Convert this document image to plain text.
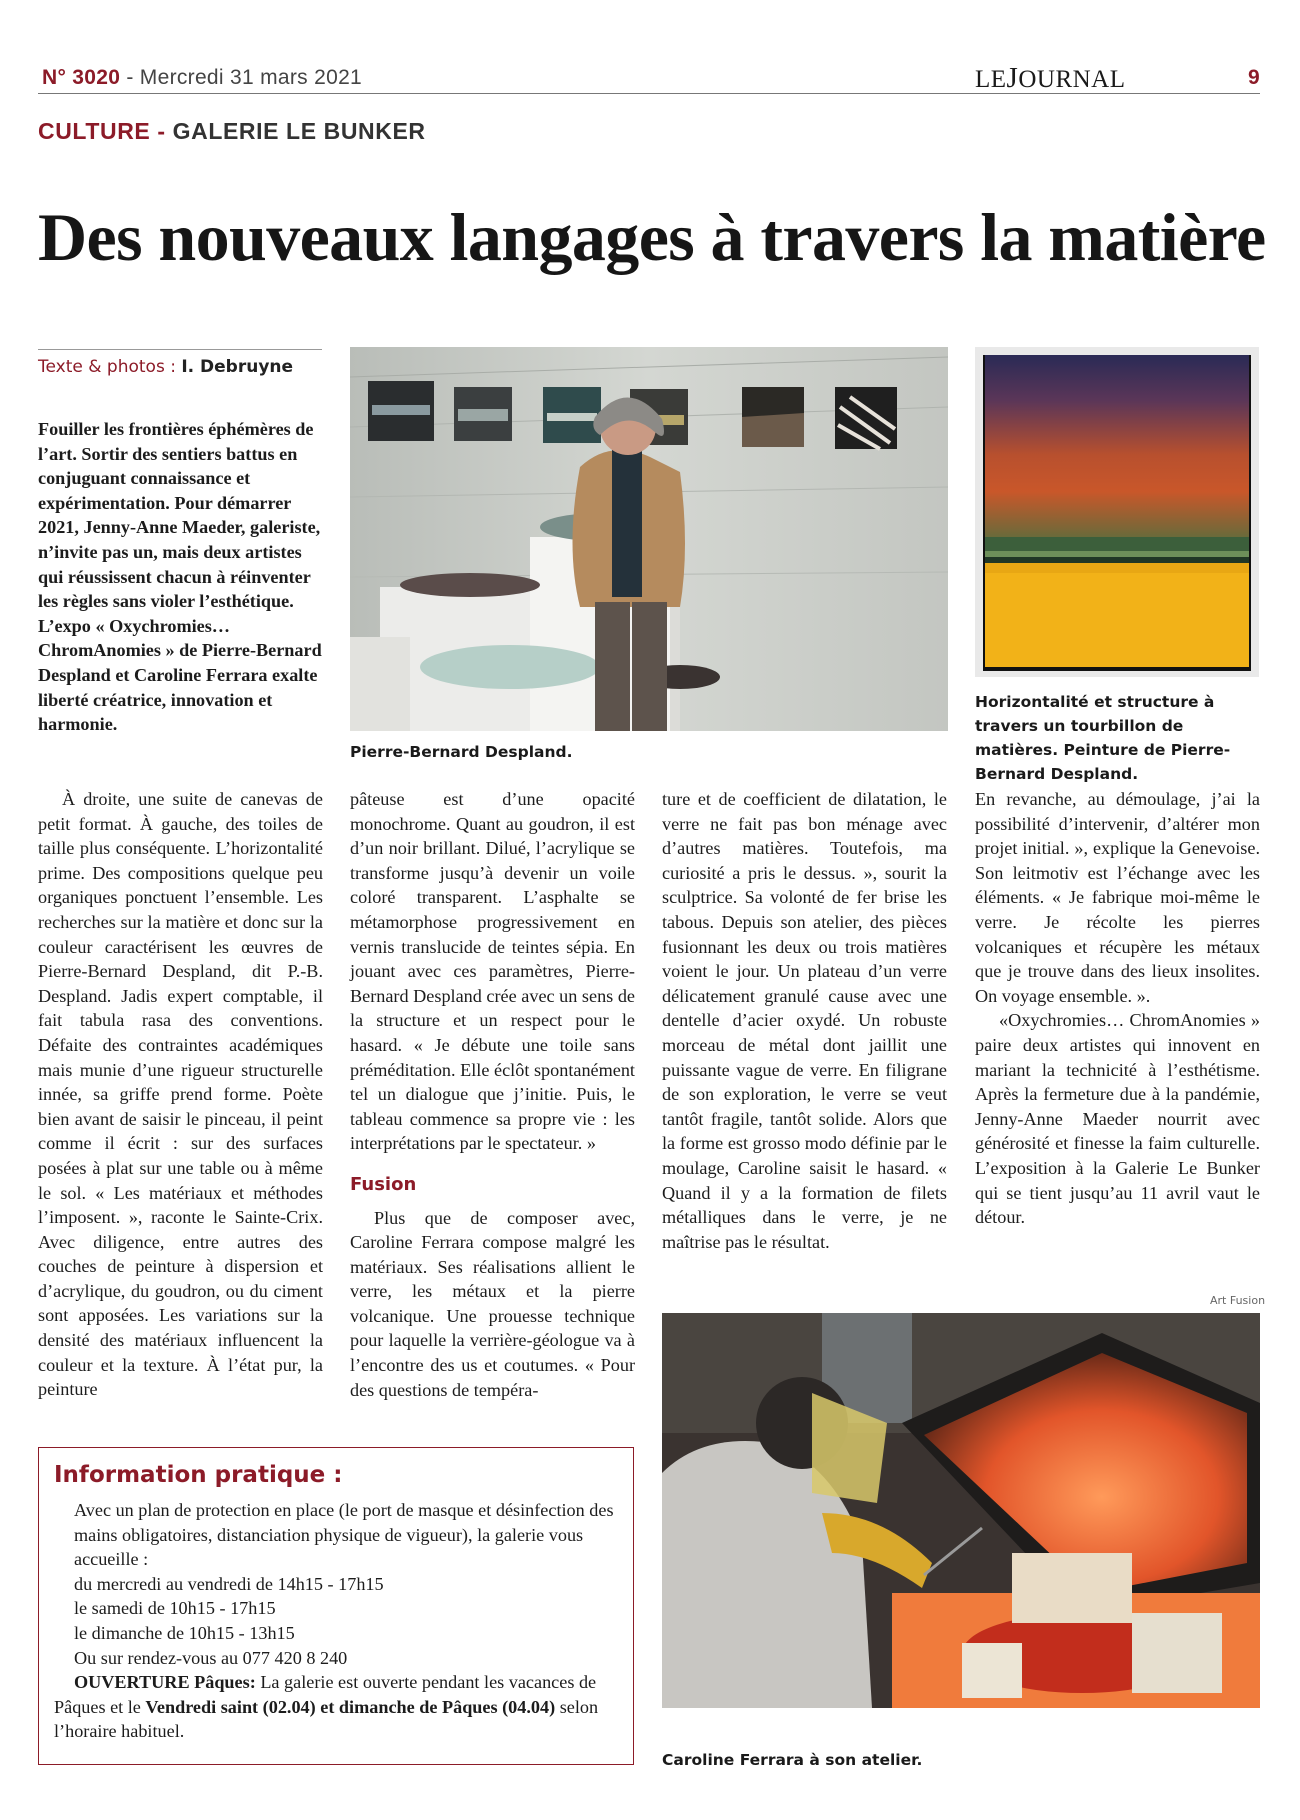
N° 3020 - Mercredi 31 mars 2021	LEJOURNAL	9
CULTURE - GALERIE LE BUNKER
Des nouveaux langages à travers la matière
Texte & photos : I. Debruyne
Fouiller les frontières éphémères de l’art. Sortir des sentiers battus en conjuguant connaissance et expérimentation. Pour démarrer 2021, Jenny-Anne Maeder, galeriste, n’invite pas un, mais deux artistes qui réussissent chacun à réinventer les règles sans violer l’esthétique. L’expo « Oxychromies… ChromAnomies » de Pierre-Bernard Despland et Caroline Ferrara exalte liberté créatrice, innovation et harmonie.
Pierre-Bernard Despland.
Horizontalité et structure à travers un tourbillon de matières. Peinture de Pierre-Bernard Despland.

À droite, une suite de canevas de petit format. À gauche, des toiles de taille plus conséquente. L’horizontalité prime. Des compositions quelque peu organiques ponctuent l’ensemble. Les recherches sur la matière et donc sur la couleur caractérisent les œuvres de Pierre-Bernard Despland, dit P.-B. Despland. Jadis expert comptable, il fait tabula rasa des conventions. Défaite des contraintes académiques mais munie d’une rigueur structurelle innée, sa griffe prend forme. Poète bien avant de saisir le pinceau, il peint comme il écrit : sur des surfaces posées à plat sur une table ou à même le sol. « Les matériaux et méthodes l’imposent. », raconte le Sainte-Crix. Avec diligence, entre autres des couches de peinture à dispersion et d’acrylique, du goudron, ou du ciment sont apposées. Les variations sur la densité des matériaux influencent la couleur et la texture. À l’état pur, la peinture

pâteuse est d’une opacité monochrome. Quant au goudron, il est d’un noir brillant. Dilué, l’acrylique se transforme jusqu’à devenir un voile coloré transparent. L’asphalte se métamorphose progressivement en vernis translucide de teintes sépia. En jouant avec ces paramètres, Pierre-Bernard Despland crée avec un sens de la structure et un respect pour le hasard. « Je débute une toile sans préméditation. Elle éclôt spontanément tel un dialogue que j’initie. Puis, le tableau commence sa propre vie : les interprétations par le spectateur. »

Fusion

Plus que de composer avec, Caroline Ferrara compose malgré les matériaux. Ses réalisations allient le verre, les métaux et la pierre volcanique. Une prouesse technique pour laquelle la verrière-géologue va à l’encontre des us et coutumes. « Pour des questions de tempéra-

ture et de coefficient de dilatation, le verre ne fait pas bon ménage avec d’autres matières. Toutefois, ma curiosité a pris le dessus. », sourit la sculptrice. Sa volonté de fer brise les tabous. Depuis son atelier, des pièces fusionnant les deux ou trois matières voient le jour. Un plateau d’un verre délicatement granulé cause avec une dentelle d’acier oxydé. Un robuste morceau de métal dont jaillit une puissante vague de verre. En filigrane de son exploration, le verre se veut tantôt fragile, tantôt solide. Alors que la forme est grosso modo définie par le moulage, Caroline saisit le hasard. « Quand il y a la formation de filets métalliques dans le verre, je ne maîtrise pas le résultat.

En revanche, au démoulage, j’ai la possibilité d’intervenir, d’altérer mon projet initial. », explique la Genevoise. Son leitmotiv est l’échange avec les éléments. « Je fabrique moi-même le verre. Je récolte les pierres volcaniques et récupère les métaux que je trouve dans des lieux insolites. On voyage ensemble. ».

«Oxychromies… ChromAnomies » paire deux artistes qui innovent en mariant la technicité à l’esthétisme. Après la fermeture due à la pandémie, Jenny-Anne Maeder nourrit avec générosité et finesse la faim culturelle. L’exposition à la Galerie Le Bunker qui se tient jusqu’au 11 avril vaut le détour.

Art Fusion
Caroline Ferrara à son atelier.
Information pratique :

Avec un plan de protection en place (le port de masque et désinfection des mains obligatoires, distanciation physique de vigueur), la galerie vous accueille :

du mercredi au vendredi de 14h15 - 17h15

le samedi de 10h15 - 17h15

le dimanche de 10h15 - 13h15

Ou sur rendez-vous au 077 420 8 240

OUVERTURE Pâques: La galerie est ouverte pendant les vacances de Pâques et le Vendredi saint (02.04) et dimanche de Pâques (04.04) selon l’horaire habituel.
